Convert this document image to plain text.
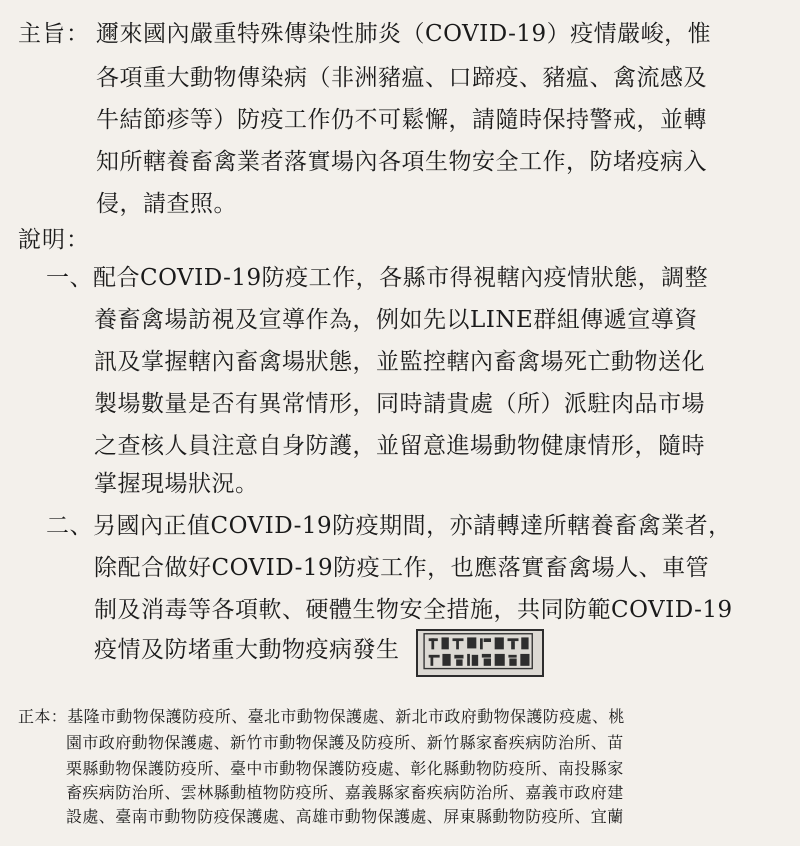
主旨： 邇來國內嚴重特殊傳染性肺炎（COVID-19）疫情嚴峻，惟
各項重大動物傳染病（非洲豬瘟、口蹄疫、豬瘟、禽流感及
牛結節疹等）防疫工作仍不可鬆懈，請隨時保持警戒，並轉
知所轄養畜禽業者落實場內各項生物安全工作，防堵疫病入
侵，請查照。
說明：
一、配合COVID-19防疫工作，各縣市得視轄內疫情狀態，調整
養畜禽場訪視及宣導作為，例如先以LINE群組傳遞宣導資
訊及掌握轄內畜禽場狀態，並監控轄內畜禽場死亡動物送化
製場數量是否有異常情形，同時請貴處（所）派駐肉品市場
之查核人員注意自身防護，並留意進場動物健康情形，隨時
掌握現場狀況。
二、另國內正值COVID-19防疫期間，亦請轉達所轄養畜禽業者，
除配合做好COVID-19防疫工作，也應落實畜禽場人、車管
制及消毒等各項軟、硬體生物安全措施，共同防範COVID-19
疫情及防堵重大動物疫病發生
正本：基隆市動物保護防疫所、臺北市動物保護處、新北市政府動物保護防疫處、桃
園市政府動物保護處、新竹市動物保護及防疫所、新竹縣家畜疾病防治所、苗
栗縣動物保護防疫所、臺中市動物保護防疫處、彰化縣動物防疫所、南投縣家
畜疾病防治所、雲林縣動植物防疫所、嘉義縣家畜疾病防治所、嘉義市政府建
設處、臺南市動物防疫保護處、高雄市動物保護處、屏東縣動物防疫所、宜蘭
